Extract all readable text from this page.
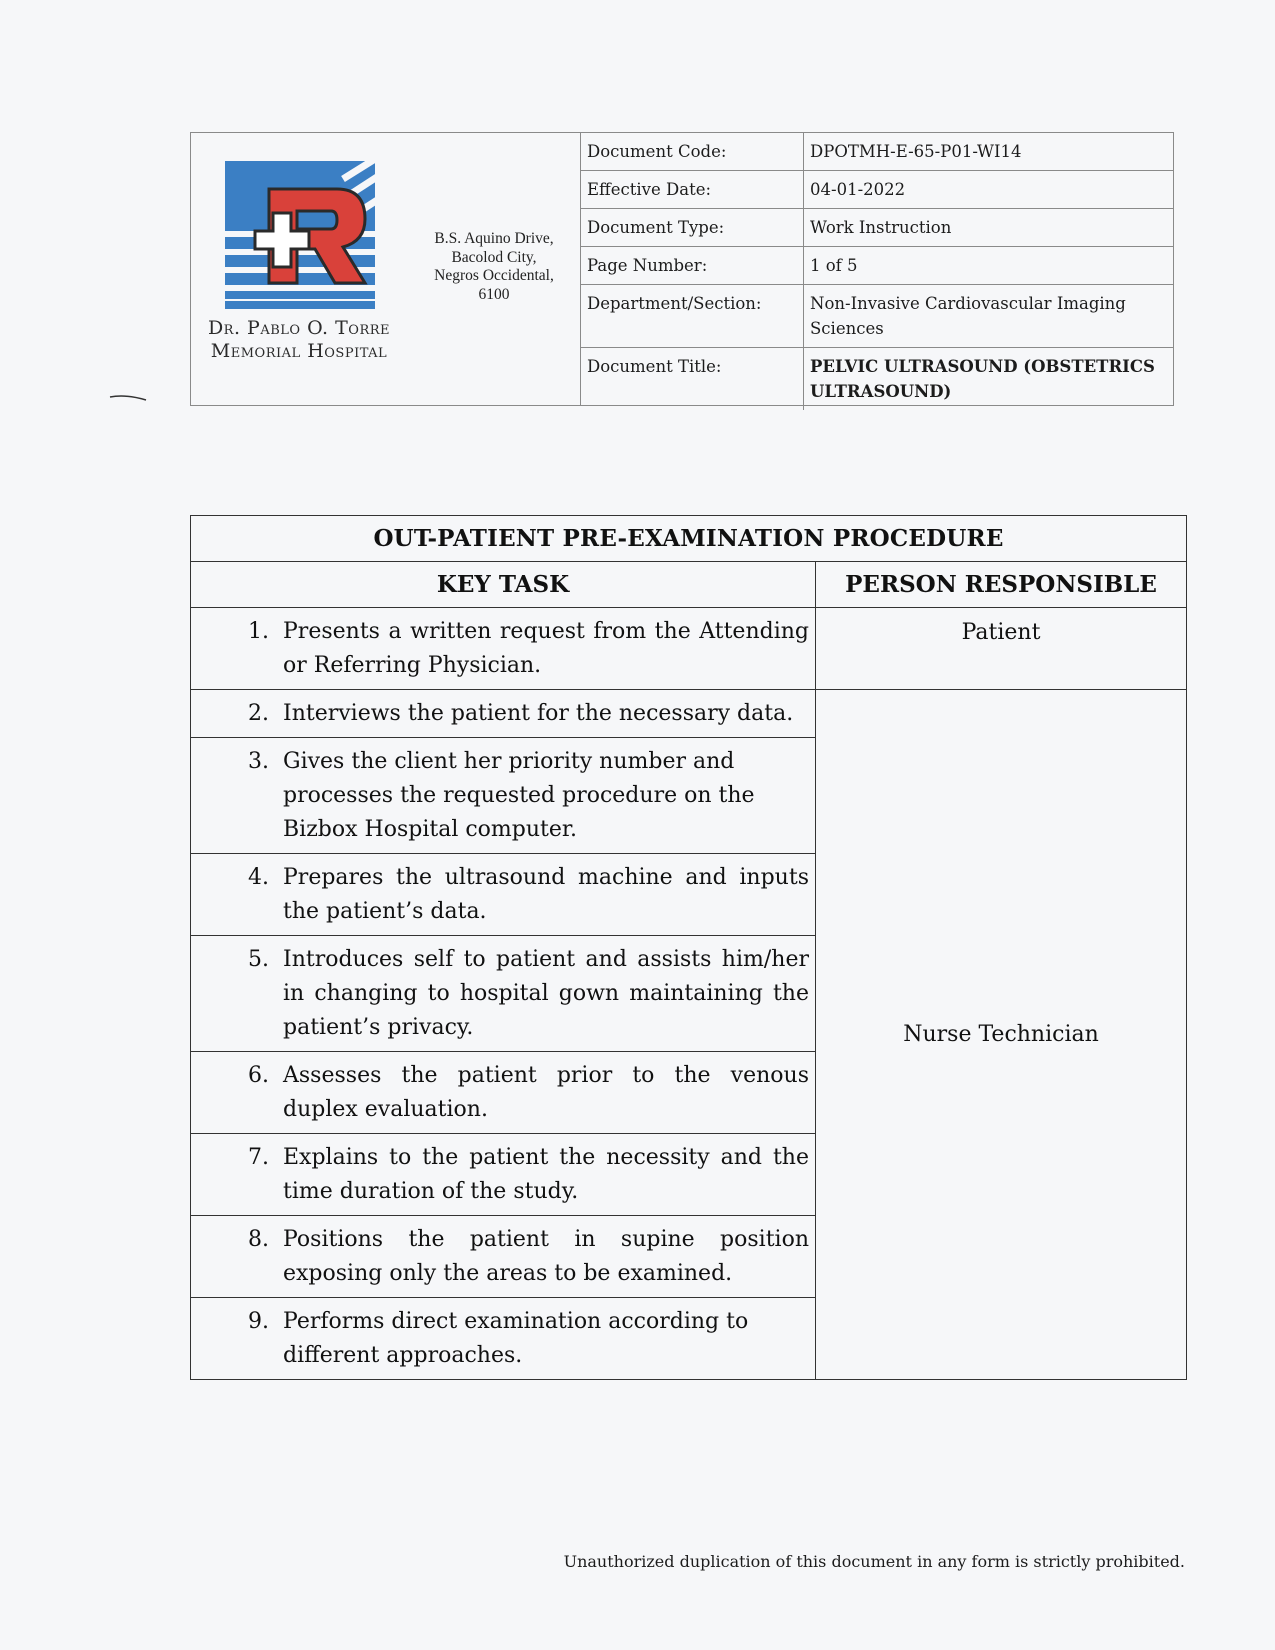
Dr. Pablo O. Torre
Memorial Hospital
B.S. Aquino Drive,
Bacolod City,
Negros Occidental,
6100
Document Code:	DPOTMH-E-65-P01-WI14
Effective Date:	04-01-2022
Document Type:	Work Instruction
Page Number:	1 of 5
Department/Section:	Non-Invasive Cardiovascular Imaging Sciences
Document Title:	PELVIC ULTRASOUND (OBSTETRICS ULTRASOUND)
OUT-PATIENT PRE-EXAMINATION PROCEDURE	
KEY TASK	PERSON RESPONSIBLE

1. Presents a written request from the Attending or Referring Physician.	Patient

2. Interviews the patient for the necessary data.	Nurse Technician

3. Gives the client her priority number and processes the requested procedure on the Bizbox Hospital computer.	

4. Prepares the ultrasound machine and inputs the patient’s data.	

5. Introduces self to patient and assists him/her in changing to hospital gown maintaining the patient’s privacy.	

6. Assesses the patient prior to the venous duplex evaluation.	

7. Explains to the patient the necessity and the time duration of the study.	

8. Positions the patient in supine position exposing only the areas to be examined.	

9. Performs direct examination according to different approaches.	
Unauthorized duplication of this document in any form is strictly prohibited.
